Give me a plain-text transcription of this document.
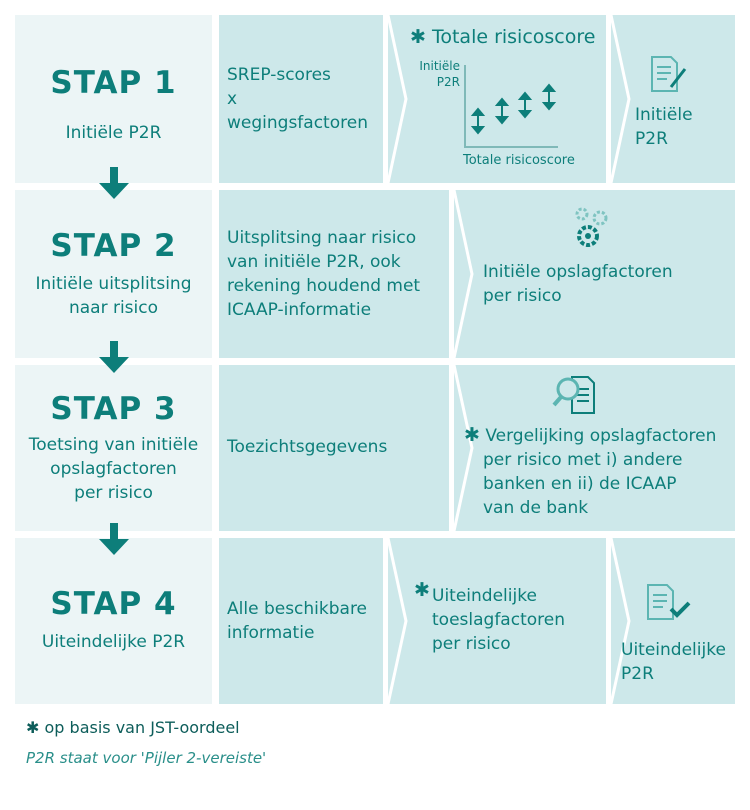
STAP 1
Initiële P2R
SREP-scores
x
wegingsfactoren
✱ Totale risicoscore
Initiële
P2R
Totale risicoscore
Initiële
P2R
STAP 2
Initiële uitsplitsing
naar risico
Uitsplitsing naar risico
van initiële P2R, ook
rekening houdend met
ICAAP-informatie
Initiële opslagfactoren
per risico
STAP 3
Toetsing van initiële
opslagfactoren
per risico
Toezichtsgegevens
✱ Vergelijking opslagfactoren
per risico met i) andere
banken en ii) de ICAAP
van de bank
STAP 4
Uiteindelijke P2R
Alle beschikbare
informatie
✱ Uiteindelijke
toeslagfactoren
per risico	Uiteindelijke
P2R
✱ op basis van JST-oordeel
P2R staat voor 'Pijler 2-vereiste'
